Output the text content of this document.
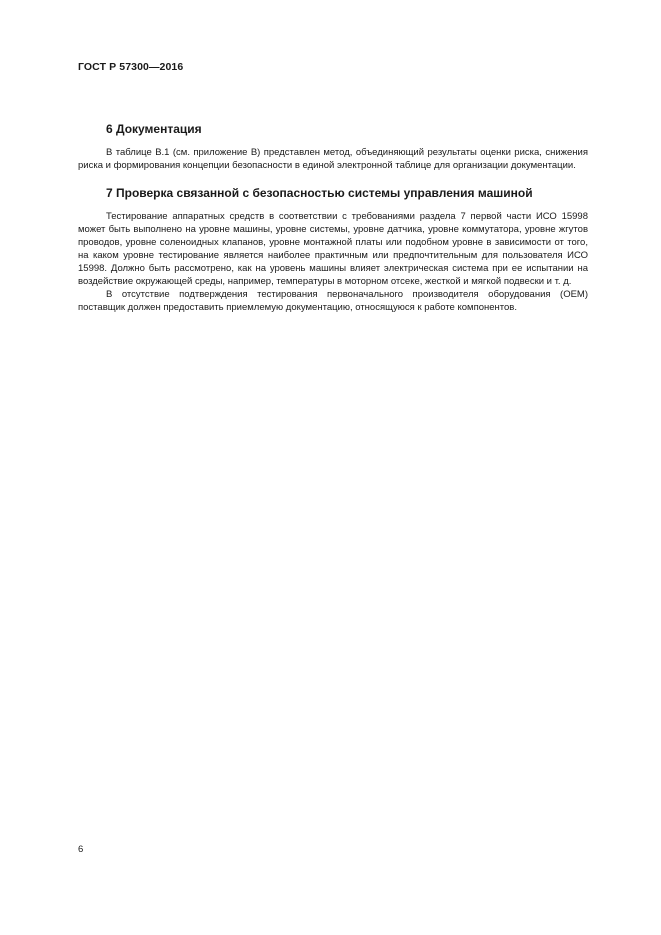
ГОСТ Р 57300—2016
6 Документация

В таблице В.1 (см. приложение В) представлен метод, объединяющий результаты оценки риска, снижения риска и формирования концепции безопасности в единой электронной таблице для организации документации.

7 Проверка связанной с безопасностью системы управления машиной

Тестирование аппаратных средств в соответствии с требованиями раздела 7 первой части ИСО 15998 может быть выполнено на уровне машины, уровне системы, уровне датчика, уровне коммутатора, уровне жгутов проводов, уровне соленоидных клапанов, уровне монтажной платы или подобном уровне в зависимости от того, на каком уровне тестирование является наиболее практичным или предпочтительным для пользователя ИСО 15998. Должно быть рассмотрено, как на уровень машины влияет электрическая система при ее испытании на воздействие окружающей среды, например, температуры в моторном отсеке, жесткой и мягкой подвески и т. д.

В отсутствие подтверждения тестирования первоначального производителя оборудования (OEM) поставщик должен предоставить приемлемую документацию, относящуюся к работе компонентов.

6
